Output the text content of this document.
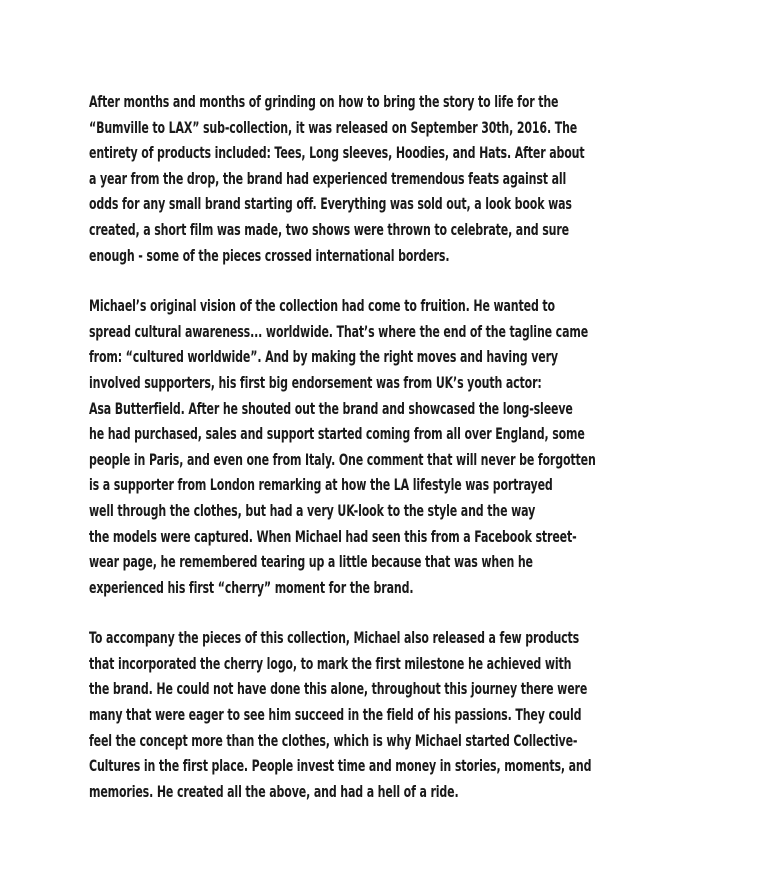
After months and months of grinding on how to bring the story to life for the
“Bumville to LAX” sub-collection, it was released on September 30th, 2016. The
entirety of products included: Tees, Long sleeves, Hoodies, and Hats. After about
a year from the drop, the brand had experienced tremendous feats against all
odds for any small brand starting off. Everything was sold out, a look book was
created, a short film was made, two shows were thrown to celebrate, and sure
enough - some of the pieces crossed international borders.
Michael’s original vision of the collection had come to fruition. He wanted to
spread cultural awareness... worldwide. That’s where the end of the tagline came
from: “cultured worldwide”. And by making the right moves and having very
involved supporters, his first big endorsement was from UK’s youth actor:
Asa Butterfield. After he shouted out the brand and showcased the long-sleeve
he had purchased, sales and support started coming from all over England, some
people in Paris, and even one from Italy. One comment that will never be forgotten
is a supporter from London remarking at how the LA lifestyle was portrayed
well through the clothes, but had a very UK-look to the style and the way
the models were captured. When Michael had seen this from a Facebook street-
wear page, he remembered tearing up a little because that was when he
experienced his first “cherry” moment for the brand.
To accompany the pieces of this collection, Michael also released a few products
that incorporated the cherry logo, to mark the first milestone he achieved with
the brand. He could not have done this alone, throughout this journey there were
many that were eager to see him succeed in the field of his passions. They could
feel the concept more than the clothes, which is why Michael started Collective-
Cultures in the first place. People invest time and money in stories, moments, and
memories. He created all the above, and had a hell of a ride.
